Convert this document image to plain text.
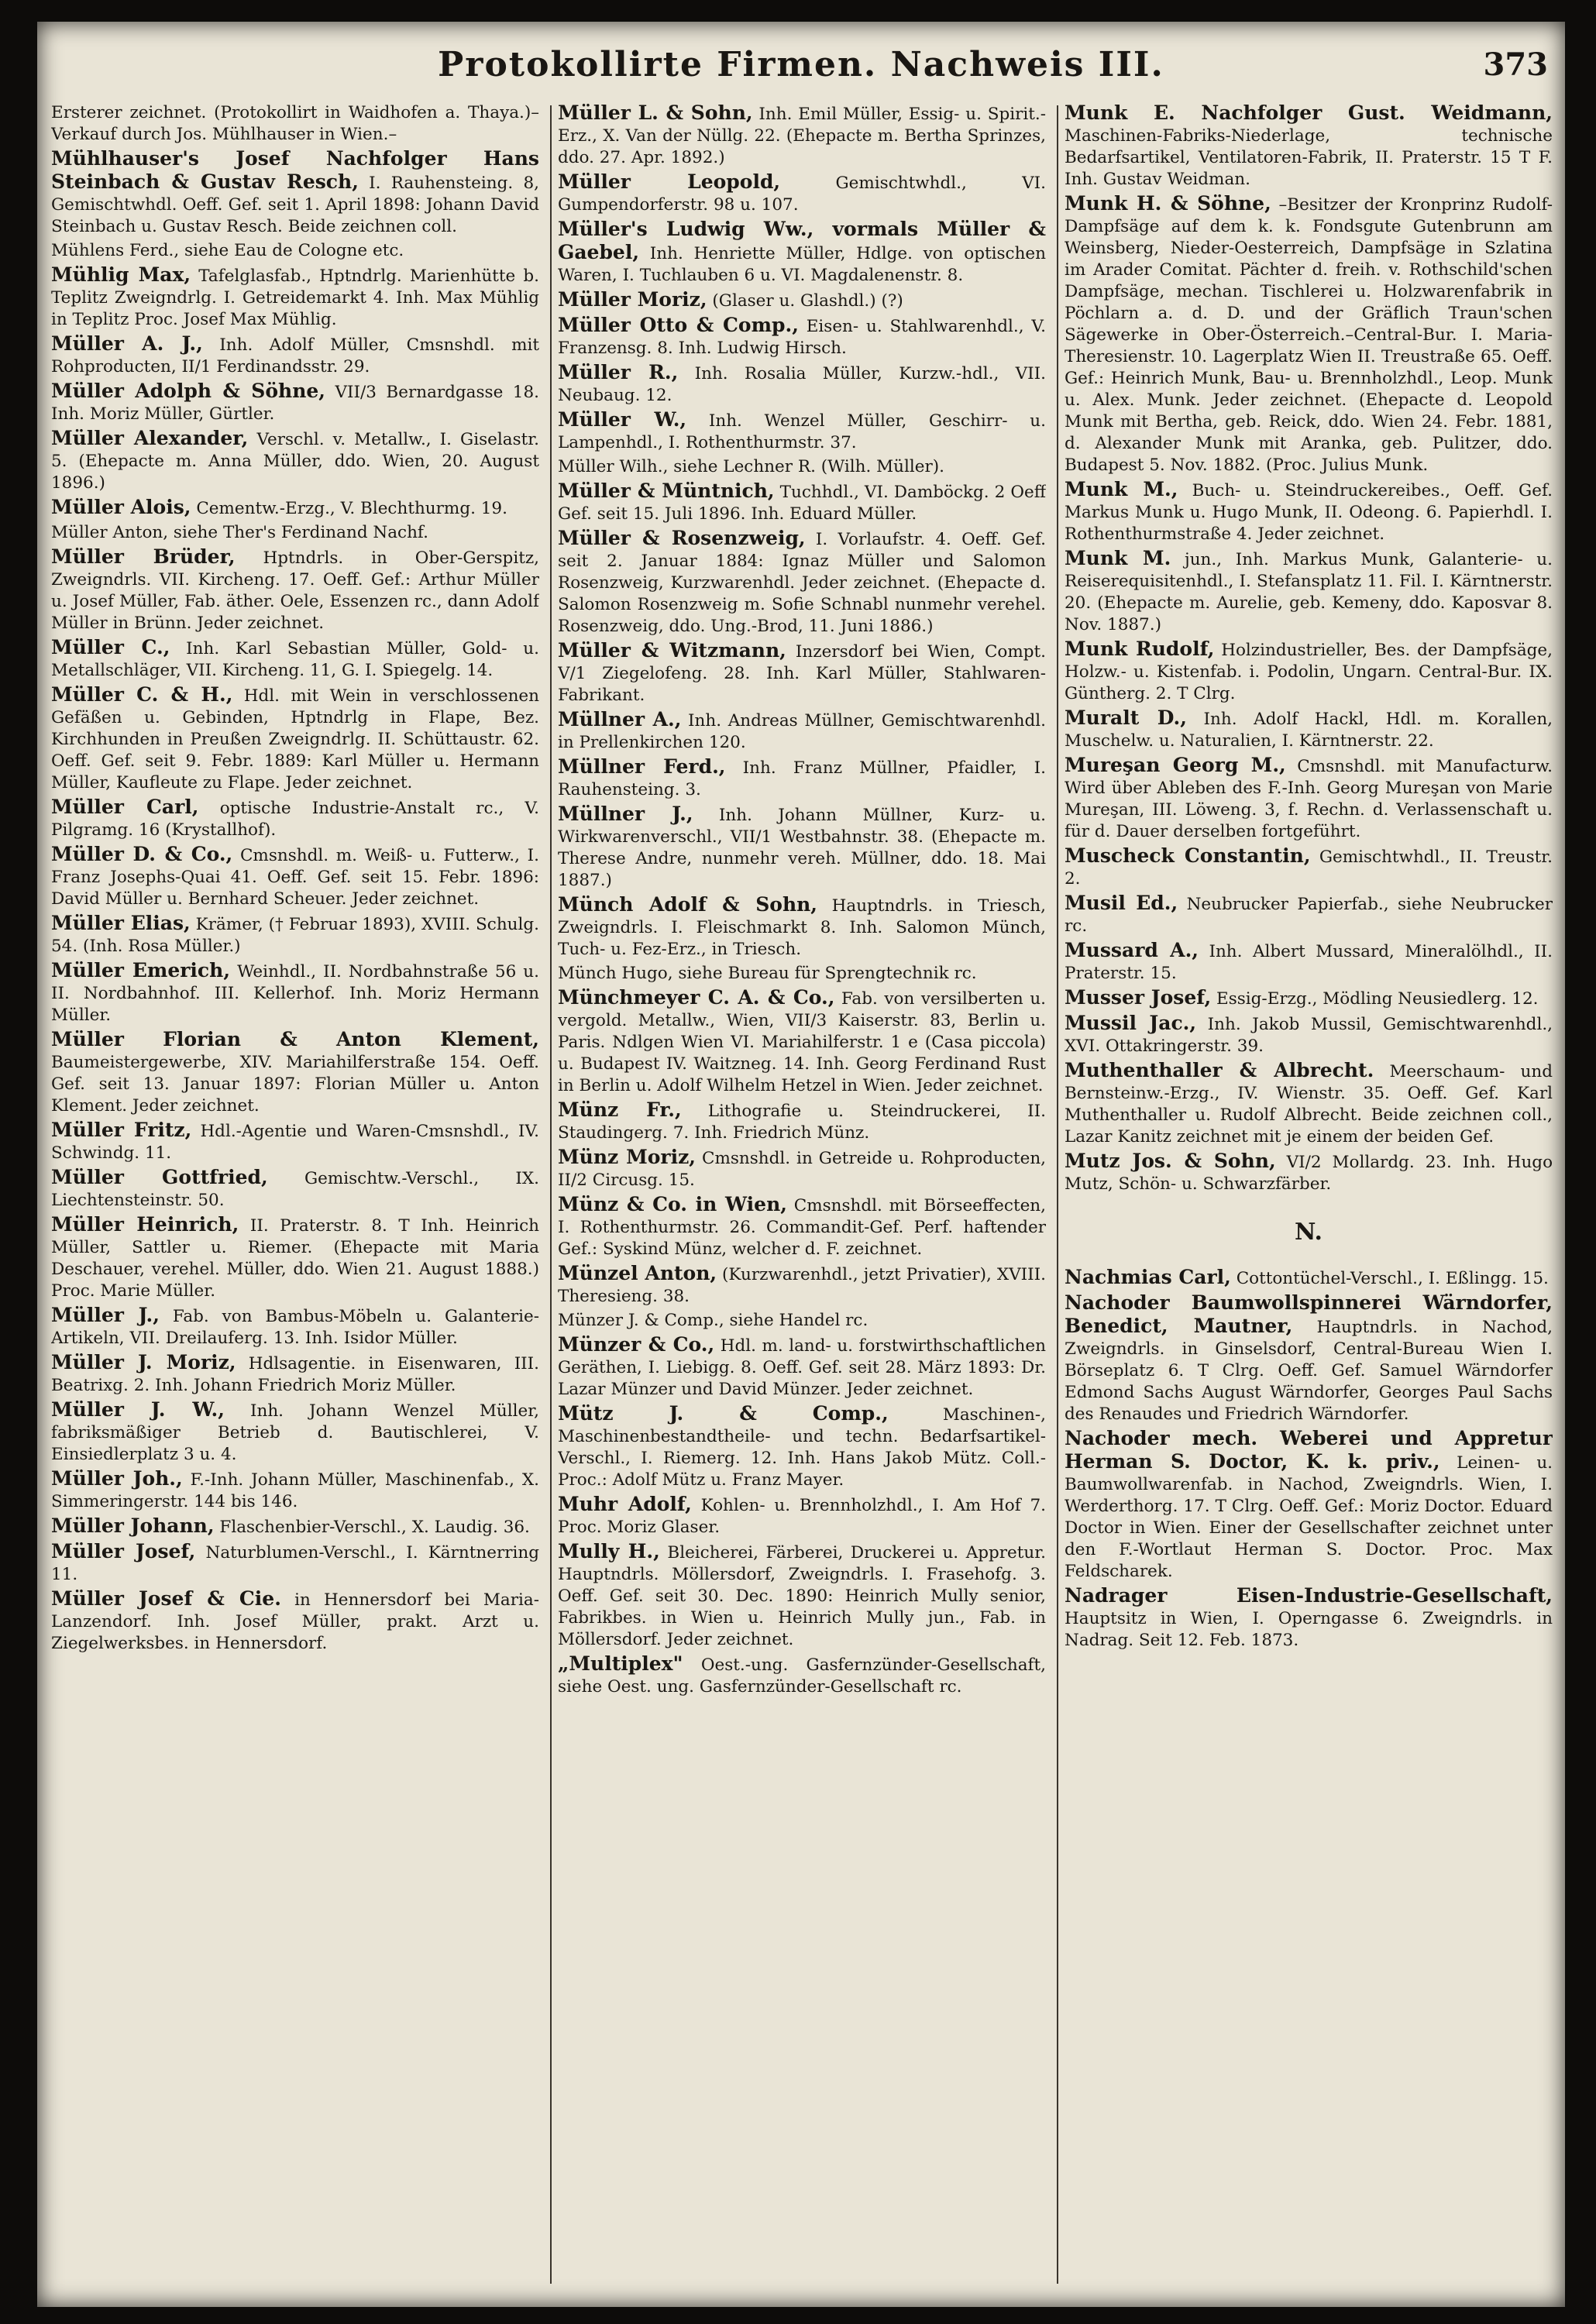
Protokollirte Firmen. Nachweis III.	373
Ersterer zeichnet. (Protokollirt in Waidhofen a. Thaya.)–Verkauf durch Jos. Mühlhauser in Wien.–
Mühlhauser's Josef Nachfolger Hans Steinbach & Gustav Resch, I. Rauhensteing. 8, Gemischtwhdl. Oeff. Gef. seit 1. April 1898: Johann David Steinbach u. Gustav Resch. Beide zeichnen coll.
Mühlens Ferd., siehe Eau de Cologne etc.
Mühlig Max, Tafelglasfab., Hptndrlg. Marienhütte b. Teplitz Zweigndrlg. I. Getreidemarkt 4. Inh. Max Mühlig in Teplitz Proc. Josef Max Mühlig.
Müller A. J., Inh. Adolf Müller, Cmsnshdl. mit Rohproducten, II/1 Ferdinandsstr. 29.
Müller Adolph & Söhne, VII/3 Bernardgasse 18. Inh. Moriz Müller, Gürtler.
Müller Alexander, Verschl. v. Metallw., I. Giselastr. 5. (Ehepacte m. Anna Müller, ddo. Wien, 20. August 1896.)
Müller Alois, Cementw.-Erzg., V. Blechthurmg. 19.
Müller Anton, siehe Ther's Ferdinand Nachf.
Müller Brüder, Hptndrls. in Ober-Gerspitz, Zweigndrls. VII. Kircheng. 17. Oeff. Gef.: Arthur Müller u. Josef Müller, Fab. äther. Oele, Essenzen rc., dann Adolf Müller in Brünn. Jeder zeichnet.
Müller C., Inh. Karl Sebastian Müller, Gold- u. Metallschläger, VII. Kircheng. 11, G. I. Spiegelg. 14.
Müller C. & H., Hdl. mit Wein in verschlossenen Gefäßen u. Gebinden, Hptndrlg in Flape, Bez. Kirchhunden in Preußen Zweigndrlg. II. Schüttaustr. 62. Oeff. Gef. seit 9. Febr. 1889: Karl Müller u. Hermann Müller, Kaufleute zu Flape. Jeder zeichnet.
Müller Carl, optische Industrie-Anstalt rc., V. Pilgramg. 16 (Krystallhof).
Müller D. & Co., Cmsnshdl. m. Weiß- u. Futterw., I. Franz Josephs-Quai 41. Oeff. Gef. seit 15. Febr. 1896: David Müller u. Bernhard Scheuer. Jeder zeichnet.
Müller Elias, Krämer, († Februar 1893), XVIII. Schulg. 54. (Inh. Rosa Müller.)
Müller Emerich, Weinhdl., II. Nordbahnstraße 56 u. II. Nordbahnhof. III. Kellerhof. Inh. Moriz Hermann Müller.
Müller Florian & Anton Klement, Baumeistergewerbe, XIV. Mariahilferstraße 154. Oeff. Gef. seit 13. Januar 1897: Florian Müller u. Anton Klement. Jeder zeichnet.
Müller Fritz, Hdl.-Agentie und Waren-Cmsnshdl., IV. Schwindg. 11.
Müller Gottfried, Gemischtw.-Verschl., IX. Liechtensteinstr. 50.
Müller Heinrich, II. Praterstr. 8. T Inh. Heinrich Müller, Sattler u. Riemer. (Ehepacte mit Maria Deschauer, verehel. Müller, ddo. Wien 21. August 1888.) Proc. Marie Müller.
Müller J., Fab. von Bambus-Möbeln u. Galanterie-Artikeln, VII. Dreilauferg. 13. Inh. Isidor Müller.
Müller J. Moriz, Hdlsagentie. in Eisenwaren, III. Beatrixg. 2. Inh. Johann Friedrich Moriz Müller.
Müller J. W., Inh. Johann Wenzel Müller, fabriksmäßiger Betrieb d. Bautischlerei, V. Einsiedlerplatz 3 u. 4.
Müller Joh., F.-Inh. Johann Müller, Maschinenfab., X. Simmeringerstr. 144 bis 146.
Müller Johann, Flaschenbier-Verschl., X. Laudig. 36.
Müller Josef, Naturblumen-Verschl., I. Kärntnerring 11.
Müller Josef & Cie. in Hennersdorf bei Maria-Lanzendorf. Inh. Josef Müller, prakt. Arzt u. Ziegelwerksbes. in Hennersdorf.
Müller L. & Sohn, Inh. Emil Müller, Essig- u. Spirit.-Erz., X. Van der Nüllg. 22. (Ehepacte m. Bertha Sprinzes, ddo. 27. Apr. 1892.)
Müller Leopold,	Gemischtwhdl., VI. Gumpendorferstr. 98 u. 107.
Müller's Ludwig Ww., vormals Müller & Gaebel, Inh. Henriette Müller, Hdlge. von optischen Waren, I. Tuchlauben 6 u. VI. Magdalenenstr. 8.
Müller Moriz, (Glaser u. Glashdl.) (?)
Müller Otto & Comp., Eisen- u. Stahlwarenhdl., V. Franzensg. 8. Inh. Ludwig Hirsch.
Müller R., Inh. Rosalia Müller, Kurzw.-hdl., VII. Neubaug. 12.
Müller W., Inh. Wenzel Müller, Geschirr- u. Lampenhdl., I. Rothenthurmstr. 37.
Müller Wilh., siehe Lechner R. (Wilh. Müller).
Müller & Müntnich, Tuchhdl., VI. Damböckg. 2 Oeff Gef. seit 15. Juli 1896. Inh. Eduard Müller.
Müller & Rosenzweig, I. Vorlaufstr. 4. Oeff. Gef. seit 2. Januar 1884: Ignaz Müller und Salomon Rosenzweig, Kurzwarenhdl. Jeder zeichnet. (Ehepacte d. Salomon Rosenzweig m. Sofie Schnabl nunmehr verehel. Rosenzweig, ddo. Ung.-Brod, 11. Juni 1886.)
Müller & Witzmann, Inzersdorf bei Wien, Compt. V/1 Ziegelofeng. 28. Inh. Karl Müller, Stahlwaren-Fabrikant.
Müllner A., Inh. Andreas Müllner, Gemischtwarenhdl. in Prellenkirchen 120.
Müllner Ferd., Inh. Franz Müllner, Pfaidler, I. Rauhensteing. 3.
Müllner J., Inh. Johann Müllner, Kurz- u. Wirkwarenverschl., VII/1 Westbahnstr. 38. (Ehepacte m. Therese Andre, nunmehr vereh. Müllner, ddo. 18. Mai 1887.)
Münch Adolf & Sohn, Hauptndrls. in Triesch, Zweigndrls. I. Fleischmarkt 8. Inh. Salomon Münch, Tuch- u. Fez-Erz., in Triesch.
Münch Hugo, siehe Bureau für Sprengtechnik rc.
Münchmeyer C. A. & Co., Fab. von versilberten u. vergold. Metallw., Wien, VII/3 Kaiserstr. 83, Berlin u. Paris. Ndlgen Wien VI. Mariahilferstr. 1 e (Casa piccola) u. Budapest IV. Waitzneg. 14. Inh. Georg Ferdinand Rust in Berlin u. Adolf Wilhelm Hetzel in Wien. Jeder zeichnet.
Münz Fr., Lithografie u. Steindruckerei, II. Staudingerg. 7. Inh. Friedrich Münz.
Münz Moriz, Cmsnshdl. in Getreide u. Rohproducten, II/2 Circusg. 15.
Münz & Co. in Wien, Cmsnshdl. mit Börseeffecten, I. Rothenthurmstr. 26. Commandit-Gef. Perf. haftender Gef.: Syskind Münz, welcher d. F. zeichnet.
Münzel Anton, (Kurzwarenhdl., jetzt Privatier), XVIII. Theresieng. 38.
Münzer J. & Comp., siehe Handel rc.
Münzer & Co., Hdl. m. land- u. forstwirthschaftlichen Geräthen, I. Liebigg. 8. Oeff. Gef. seit 28. März 1893: Dr. Lazar Münzer und David Münzer. Jeder zeichnet.
Mütz J. & Comp.,	Maschinen-, Maschinenbestandtheile- und techn. Bedarfsartikel-Verschl., I. Riemerg. 12. Inh. Hans Jakob Mütz. Coll.-Proc.: Adolf Mütz u. Franz Mayer.
Muhr Adolf, Kohlen- u. Brennholzhdl., I. Am Hof 7. Proc. Moriz Glaser.
Mully H., Bleicherei, Färberei, Druckerei u. Appretur. Hauptndrls. Möllersdorf, Zweigndrls. I. Frasehofg. 3. Oeff. Gef. seit 30. Dec. 1890: Heinrich Mully senior, Fabrikbes. in Wien u. Heinrich Mully jun., Fab. in Möllersdorf. Jeder zeichnet.
„Multiplex" Oest.-ung. Gasfernzünder-Gesellschaft, siehe Oest. ung. Gasfernzünder-Gesellschaft rc.
Munk E. Nachfolger Gust. Weidmann, Maschinen-Fabriks-Niederlage, technische Bedarfsartikel, Ventilatoren-Fabrik, II. Praterstr. 15 T F. Inh. Gustav Weidman.
Munk H. & Söhne, –Besitzer der Kronprinz Rudolf-Dampfsäge auf dem k. k. Fondsgute Gutenbrunn am Weinsberg, Nieder-Oesterreich, Dampfsäge in Szlatina im Arader Comitat. Pächter d. freih. v. Rothschild'schen Dampfsäge, mechan. Tischlerei u. Holzwarenfabrik in Pöchlarn a. d. D. und der Gräflich Traun'schen Sägewerke in Ober-Österreich.–Central-Bur. I. Maria-Theresienstr. 10. Lagerplatz Wien II. Treustraße 65. Oeff. Gef.: Heinrich Munk, Bau- u. Brennholzhdl., Leop. Munk u. Alex. Munk. Jeder zeichnet. (Ehepacte d. Leopold Munk mit Bertha, geb. Reick, ddo. Wien 24. Febr. 1881, d. Alexander Munk mit Aranka, geb. Pulitzer, ddo. Budapest 5. Nov. 1882. (Proc. Julius Munk.
Munk M., Buch- u. Steindruckereibes., Oeff. Gef. Markus Munk u. Hugo Munk, II. Odeong. 6. Papierhdl. I. Rothenthurmstraße 4. Jeder zeichnet.
Munk M. jun., Inh. Markus Munk, Galanterie- u. Reiserequisitenhdl., I. Stefansplatz 11. Fil. I. Kärntnerstr. 20. (Ehepacte m. Aurelie, geb. Kemeny, ddo. Kaposvar 8. Nov. 1887.)
Munk Rudolf, Holzindustrieller, Bes. der Dampfsäge, Holzw.- u. Kistenfab. i. Podolin, Ungarn. Central-Bur. IX. Güntherg. 2. T Clrg.
Muralt D., Inh. Adolf Hackl, Hdl. m. Korallen, Muschelw. u. Naturalien, I. Kärntnerstr. 22.
Mureşan Georg M., Cmsnshdl. mit Manufacturw. Wird über Ableben des F.-Inh. Georg Mureşan von Marie Mureşan, III. Löweng. 3, f. Rechn. d. Verlassenschaft u. für d. Dauer derselben fortgeführt.
Muscheck Constantin, Gemischtwhdl., II. Treustr. 2.
Musil Ed., Neubrucker Papierfab., siehe Neubrucker rc.
Mussard A., Inh. Albert Mussard, Mineralölhdl., II. Praterstr. 15.
Musser Josef, Essig-Erzg., Mödling Neusiedlerg. 12.
Mussil Jac., Inh. Jakob Mussil, Gemischtwarenhdl., XVI. Ottakringerstr. 39.
Muthenthaller & Albrecht. Meerschaum- und Bernsteinw.-Erzg., IV. Wienstr. 35. Oeff. Gef. Karl Muthenthaller u. Rudolf Albrecht. Beide zeichnen coll., Lazar Kanitz zeichnet mit je einem der beiden Gef.
Mutz Jos. & Sohn, VI/2 Mollardg. 23. Inh. Hugo Mutz, Schön- u. Schwarzfärber.
N.
Nachmias Carl, Cottontüchel-Verschl., I. Eßlingg. 15.
Nachoder Baumwollspinnerei Wärndorfer, Benedict, Mautner, Hauptndrls. in Nachod, Zweigndrls. in Ginselsdorf, Central-Bureau Wien I. Börseplatz 6. T Clrg. Oeff. Gef. Samuel Wärndorfer Edmond Sachs August Wärndorfer, Georges Paul Sachs des Renaudes und Friedrich Wärndorfer.
Nachoder mech. Weberei und Appretur Herman S. Doctor, K. k. priv., Leinen- u. Baumwollwarenfab. in Nachod, Zweigndrls. Wien, I. Werderthorg. 17. T Clrg. Oeff. Gef.: Moriz Doctor. Eduard Doctor in Wien. Einer der Gesellschafter zeichnet unter den F.-Wortlaut Herman S. Doctor. Proc. Max Feldscharek.
Nadrager Eisen-Industrie-Gesellschaft, Hauptsitz in Wien, I. Operngasse 6. Zweigndrls. in Nadrag. Seit 12. Feb. 1873.
